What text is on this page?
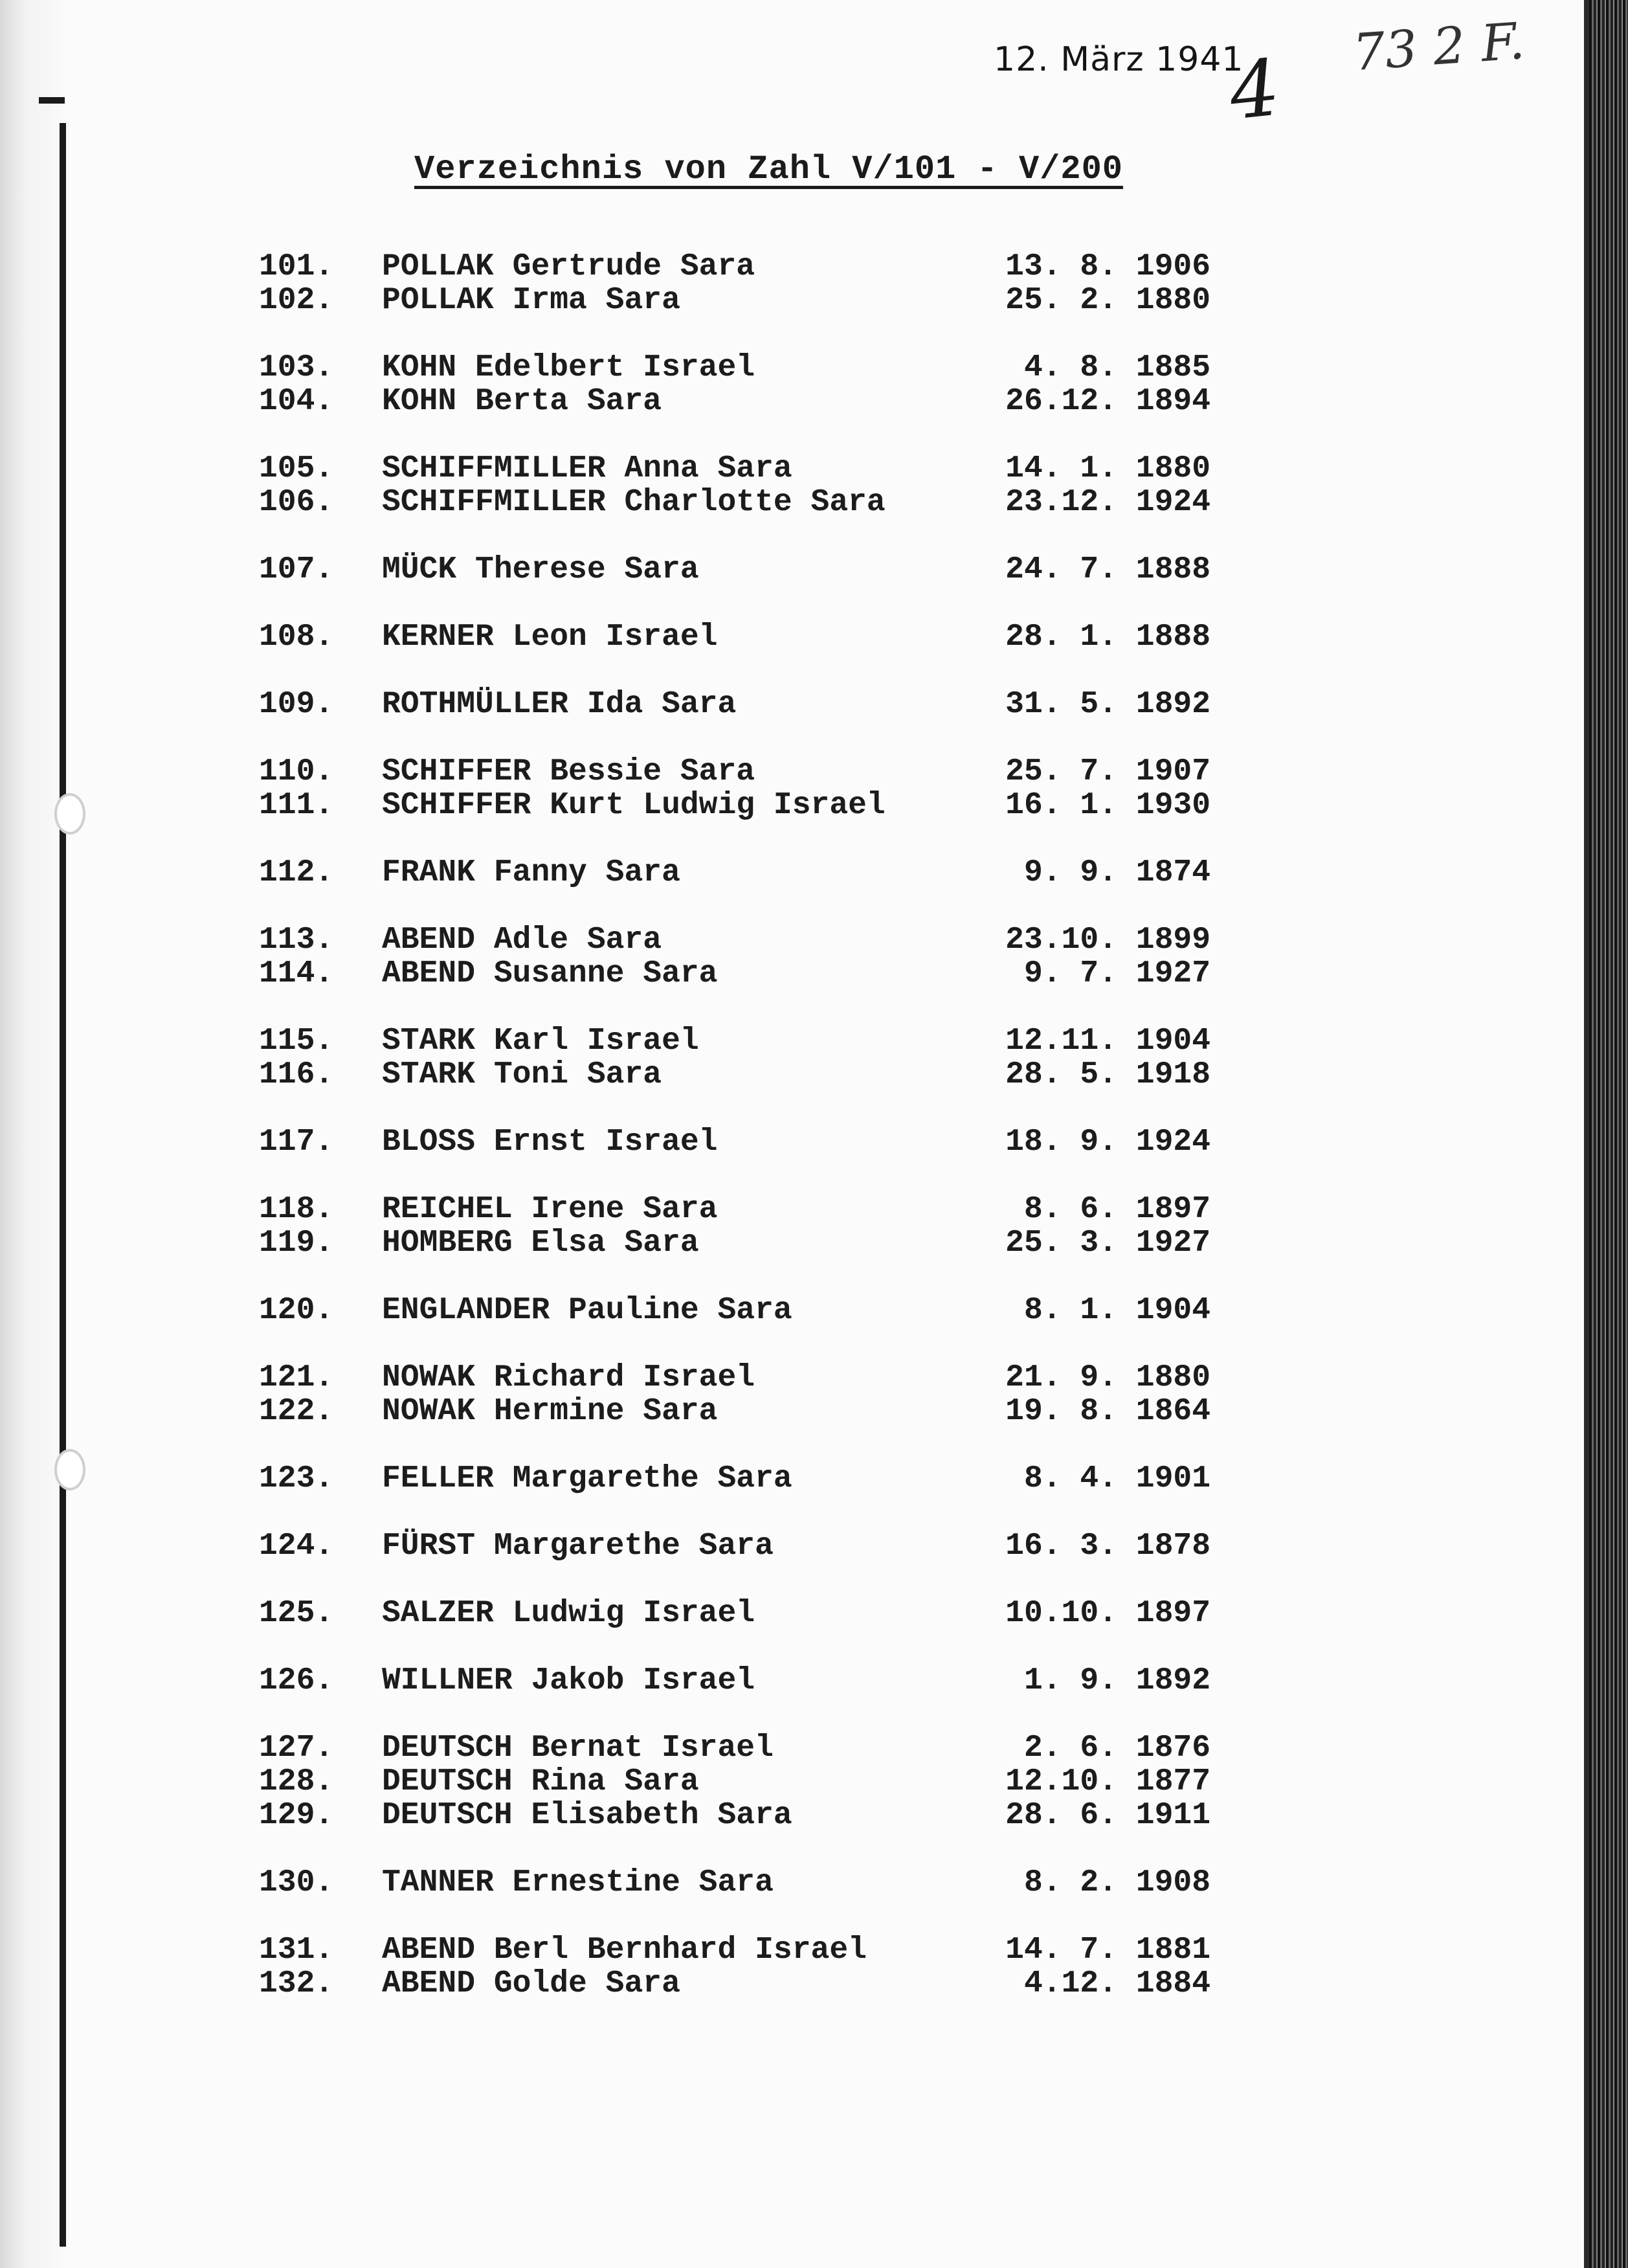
12. März 1941
4 73 2 F.
Verzeichnis von Zahl V/101 - V/200
101.	POLLAK Gertrude Sara	13. 8. 1906
102.	POLLAK Irma Sara	25. 2. 1880
103.	KOHN Edelbert Israel	4. 8. 1885
104.	KOHN Berta Sara	26.12. 1894
105.	SCHIFFMILLER Anna Sara	14. 1. 1880
106.	SCHIFFMILLER Charlotte Sara	23.12. 1924
107.	MÜCK Therese Sara	24. 7. 1888
108.	KERNER Leon Israel	28. 1. 1888
109.	ROTHMÜLLER Ida Sara	31. 5. 1892
110.	SCHIFFER Bessie Sara	25. 7. 1907
111.	SCHIFFER Kurt Ludwig Israel	16. 1. 1930
112.	FRANK Fanny Sara	9. 9. 1874
113.	ABEND Adle Sara	23.10. 1899
114.	ABEND Susanne Sara	9. 7. 1927
115.	STARK Karl Israel	12.11. 1904
116.	STARK Toni Sara	28. 5. 1918
117.	BLOSS Ernst Israel	18. 9. 1924
118.	REICHEL Irene Sara	8. 6. 1897
119.	HOMBERG Elsa Sara	25. 3. 1927
120.	ENGLANDER Pauline Sara	8. 1. 1904
121.	NOWAK Richard Israel	21. 9. 1880
122.	NOWAK Hermine Sara	19. 8. 1864
123.	FELLER Margarethe Sara	8. 4. 1901
124.	FÜRST Margarethe Sara	16. 3. 1878
125.	SALZER Ludwig Israel	10.10. 1897
126.	WILLNER Jakob Israel	1. 9. 1892
127.	DEUTSCH Bernat Israel	2. 6. 1876
128.	DEUTSCH Rina Sara	12.10. 1877
129.	DEUTSCH Elisabeth Sara	28. 6. 1911
130.	TANNER Ernestine Sara	8. 2. 1908
131.	ABEND Berl Bernhard Israel	14. 7. 1881
132.	ABEND Golde Sara	4.12. 1884
